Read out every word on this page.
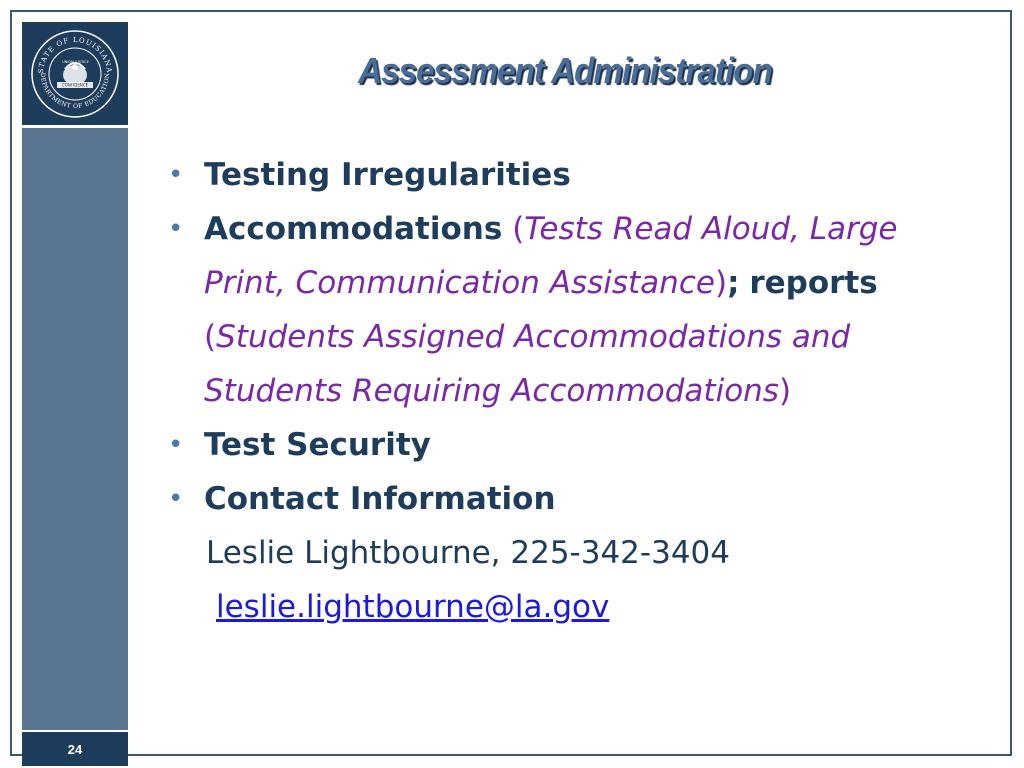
STATE OF LOUISIANA
DEPARTMENT OF EDUCATION
CONFIDENCE
UNION JUSTICE
24
Assessment Administration
• Testing Irregularities
• Accommodations (Tests Read Aloud, Large Print, Communication Assistance); reports (Students Assigned Accommodations and Students Requiring Accommodations)
• Test Security
• Contact Information
Leslie Lightbourne, 225-342-3404
leslie.lightbourne@la.gov
